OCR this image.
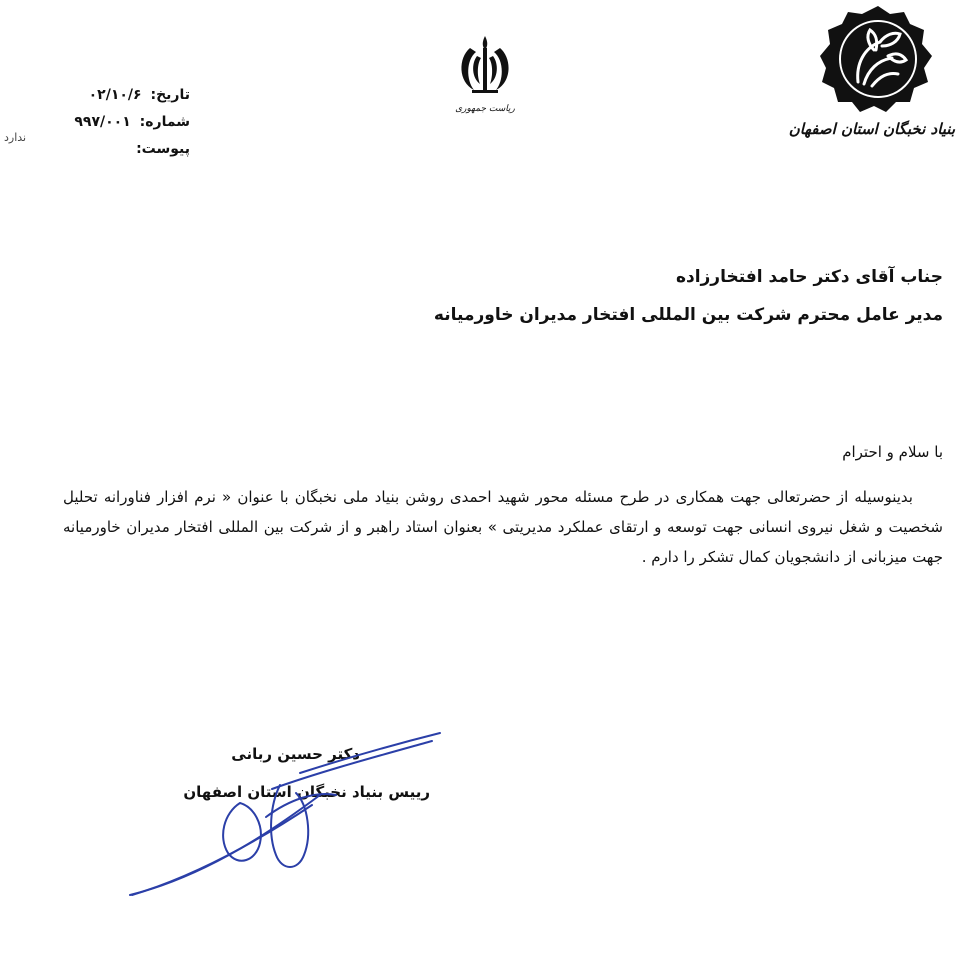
تاریخ: ۰۲/۱۰/۶
شماره: ۹۹۷/۰۰۱
پیوست:
ندارد
ریاست جمهوری
بنیاد نخبگان استان اصفهان
جناب آقای دکتر حامد افتخارزاده
مدیر عامل محترم شرکت بین المللی افتخار مدیران خاورمیانه
با سلام و احترام
بدینوسیله از حضرتعالی جهت همکاری در طرح مسئله محور شهید احمدی روشن بنیاد ملی نخبگان با عنوان « نرم افزار فناورانه تحلیل شخصیت و شغل نیروی انسانی جهت توسعه و ارتقای عملکرد مدیریتی » بعنوان استاد راهبر و از شرکت بین المللی افتخار مدیران خاورمیانه جهت میزبانی از دانشجویان کمال تشکر را دارم .
دکتر حسین ربانی
رییس بنیاد نخبگان استان اصفهان
